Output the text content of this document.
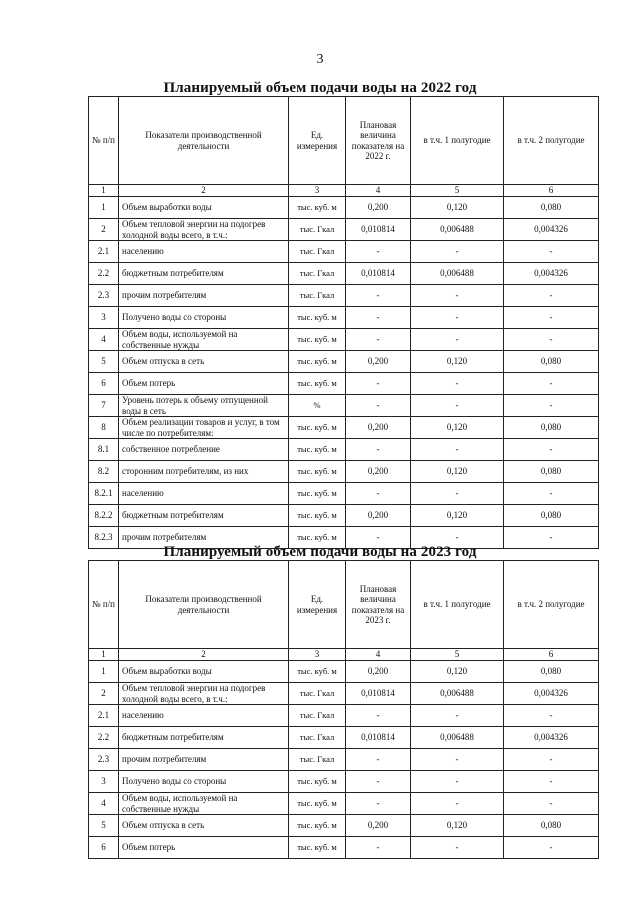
3
Планируемый объем подачи воды на 2022 год
№ п/п	Показатели производственной деятельности	Ед. измерения	Плановая величина показателя на 2022 г.	в т.ч. 1 полугодие	в т.ч. 2 полугодие
1	2	3	4	5	6
1	Объем выработки воды	тыс. куб. м	0,200	0,120	0,080
2	Объем тепловой энергии на подогрев холодной воды всего, в т.ч.:	тыс. Гкал	0,010814	0,006488	0,004326
2.1	населению	тыс. Гкал	-	-	-
2.2	бюджетным потребителям	тыс. Гкал	0,010814	0,006488	0,004326
2.3	прочим потребителям	тыс. Гкал	-	-	-
3	Получено воды со стороны	тыс. куб. м	-	-	-
4	Объем воды, используемой на собственные нужды	тыс. куб. м	-	-	-
5	Объем отпуска в сеть	тыс. куб. м	0,200	0,120	0,080
6	Объем потерь	тыс. куб. м	-	-	-
7	Уровень потерь к объему отпущенной воды в сеть	%	-	-	-
8	Объем реализации товаров и услуг, в том числе по потребителям:	тыс. куб. м	0,200	0,120	0,080
8.1	собственное потребление	тыс. куб. м	-	-	-
8.2	сторонним потребителям, из них	тыс. куб. м	0,200	0,120	0,080
8.2.1	населению	тыс. куб. м	-	-	-
8.2.2	бюджетным потребителям	тыс. куб. м	0,200	0,120	0,080
8.2.3	прочим потребителям	тыс. куб. м	-	-	-
Планируемый объем подачи воды на 2023 год
№ п/п	Показатели производственной деятельности	Ед. измерения	Плановая величина показателя на 2023 г.	в т.ч. 1 полугодие	в т.ч. 2 полугодие
1	2	3	4	5	6
1	Объем выработки воды	тыс. куб. м	0,200	0,120	0,080
2	Объем тепловой энергии на подогрев холодной воды всего, в т.ч.:	тыс. Гкал	0,010814	0,006488	0,004326
2.1	населению	тыс. Гкал	-	-	-
2.2	бюджетным потребителям	тыс. Гкал	0,010814	0,006488	0,004326
2.3	прочим потребителям	тыс. Гкал	-	-	-
3	Получено воды со стороны	тыс. куб. м	-	-	-
4	Объем воды, используемой на собственные нужды	тыс. куб. м	-	-	-
5	Объем отпуска в сеть	тыс. куб. м	0,200	0,120	0,080
6	Объем потерь	тыс. куб. м	-	-	-
